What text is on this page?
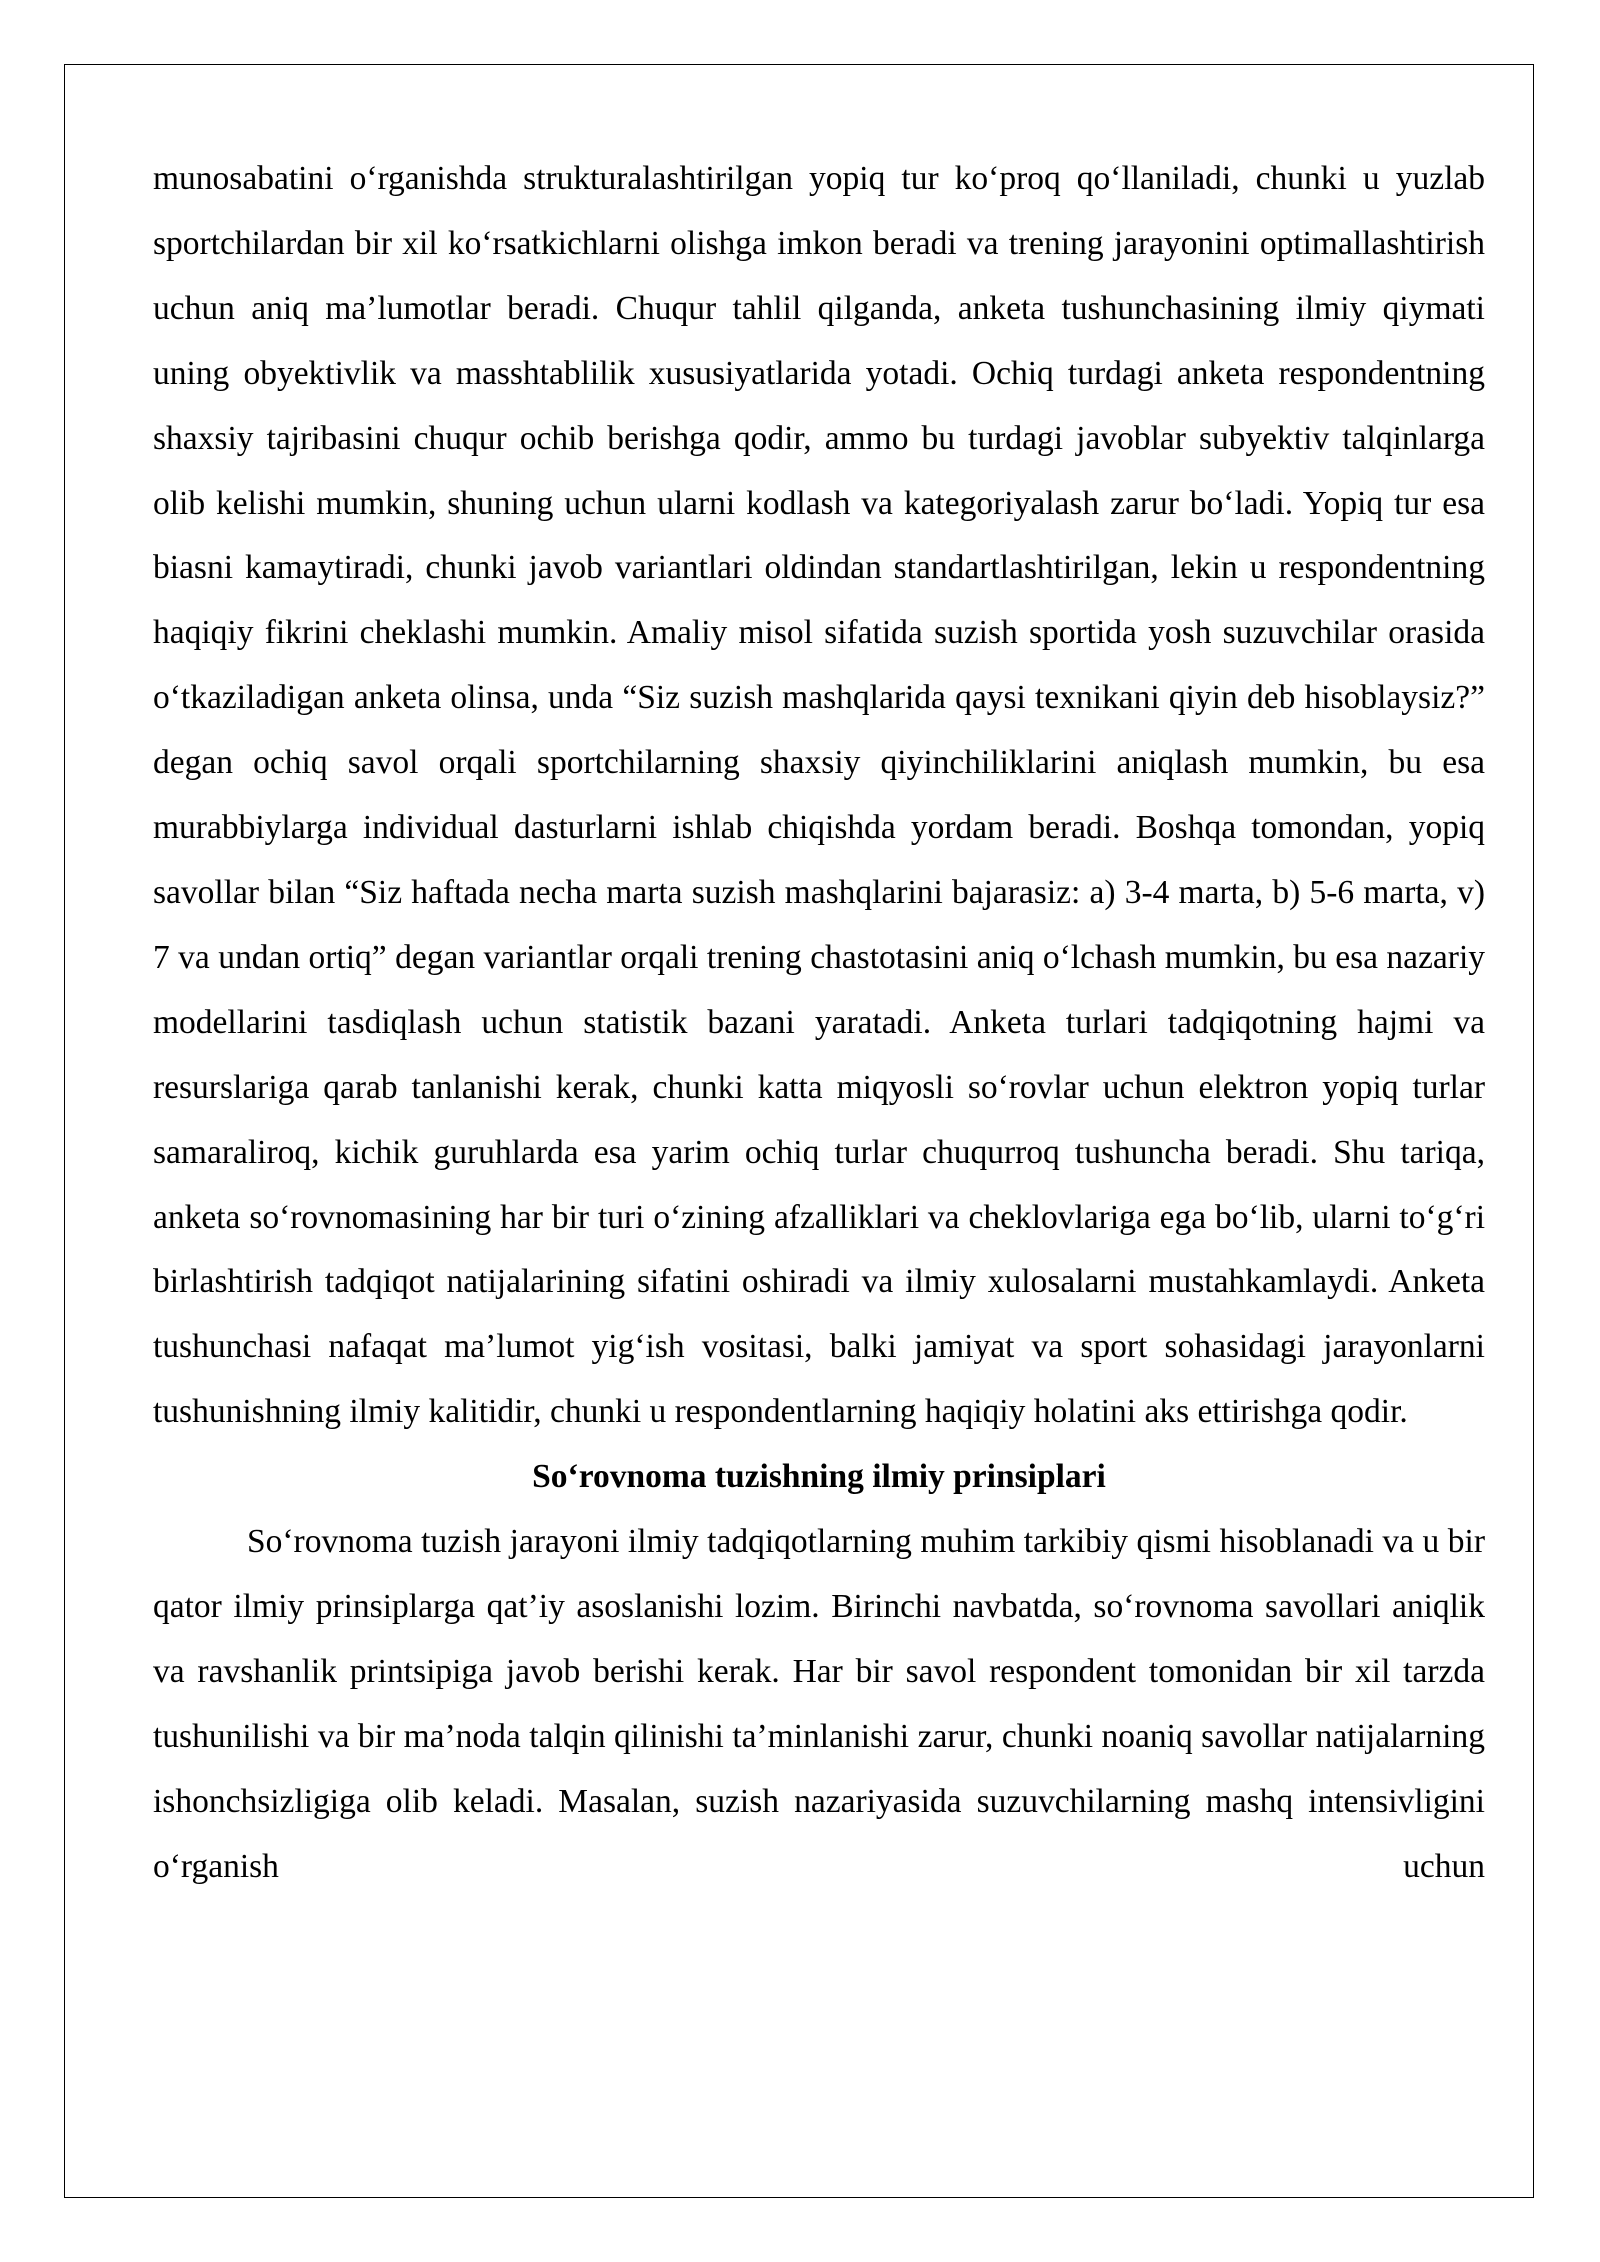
munosabatini o‘rganishda strukturalashtirilgan yopiq tur ko‘proq qo‘llaniladi, chunki u yuzlab sportchilardan bir xil ko‘rsatkichlarni olishga imkon beradi va trening jarayonini optimallashtirish uchun aniq ma’lumotlar beradi. Chuqur tahlil qilganda, anketa tushunchasining ilmiy qiymati uning obyektivlik va masshtablilik xususiyatlarida yotadi. Ochiq turdagi anketa respondentning shaxsiy tajribasini chuqur ochib berishga qodir, ammo bu turdagi javoblar subyektiv talqinlarga olib kelishi mumkin, shuning uchun ularni kodlash va kategoriyalash zarur bo‘ladi. Yopiq tur esa biasni kamaytiradi, chunki javob variantlari oldindan standartlashtirilgan, lekin u respondentning haqiqiy fikrini cheklashi mumkin. Amaliy misol sifatida suzish sportida yosh suzuvchilar orasida o‘tkaziladigan anketa olinsa, unda “Siz suzish mashqlarida qaysi texnikani qiyin deb hisoblaysiz?” degan ochiq savol orqali sportchilarning shaxsiy qiyinchiliklarini aniqlash mumkin, bu esa murabbiylarga individual dasturlarni ishlab chiqishda yordam beradi. Boshqa tomondan, yopiq savollar bilan “Siz haftada necha marta suzish mashqlarini bajarasiz: a) 3-4 marta, b) 5-6 marta, v) 7 va undan ortiq” degan variantlar orqali trening chastotasini aniq o‘lchash mumkin, bu esa nazariy modellarini tasdiqlash uchun statistik bazani yaratadi. Anketa turlari tadqiqotning hajmi va resurslariga qarab tanlanishi kerak, chunki katta miqyosli so‘rovlar uchun elektron yopiq turlar samaraliroq, kichik guruhlarda esa yarim ochiq turlar chuqurroq tushuncha beradi. Shu tariqa, anketa so‘rovnomasining har bir turi o‘zining afzalliklari va cheklovlariga ega bo‘lib, ularni to‘g‘ri birlashtirish tadqiqot natijalarining sifatini oshiradi va ilmiy xulosalarni mustahkamlaydi. Anketa tushunchasi nafaqat ma’lumot yig‘ish vositasi, balki jamiyat va sport sohasidagi jarayonlarni tushunishning ilmiy kalitidir, chunki u respondentlarning haqiqiy holatini aks ettirishga qodir.

So‘rovnoma tuzishning ilmiy prinsiplari

So‘rovnoma tuzish jarayoni ilmiy tadqiqotlarning muhim tarkibiy qismi hisoblanadi va u bir qator ilmiy prinsiplarga qat’iy asoslanishi lozim. Birinchi navbatda, so‘rovnoma savollari aniqlik va ravshanlik printsipiga javob berishi kerak. Har bir savol respondent tomonidan bir xil tarzda tushunilishi va bir ma’noda talqin qilinishi ta’minlanishi zarur, chunki noaniq savollar natijalarning ishonchsizligiga olib keladi. Masalan, suzish nazariyasida suzuvchilarning mashq intensivligini o‘rganish uchun
